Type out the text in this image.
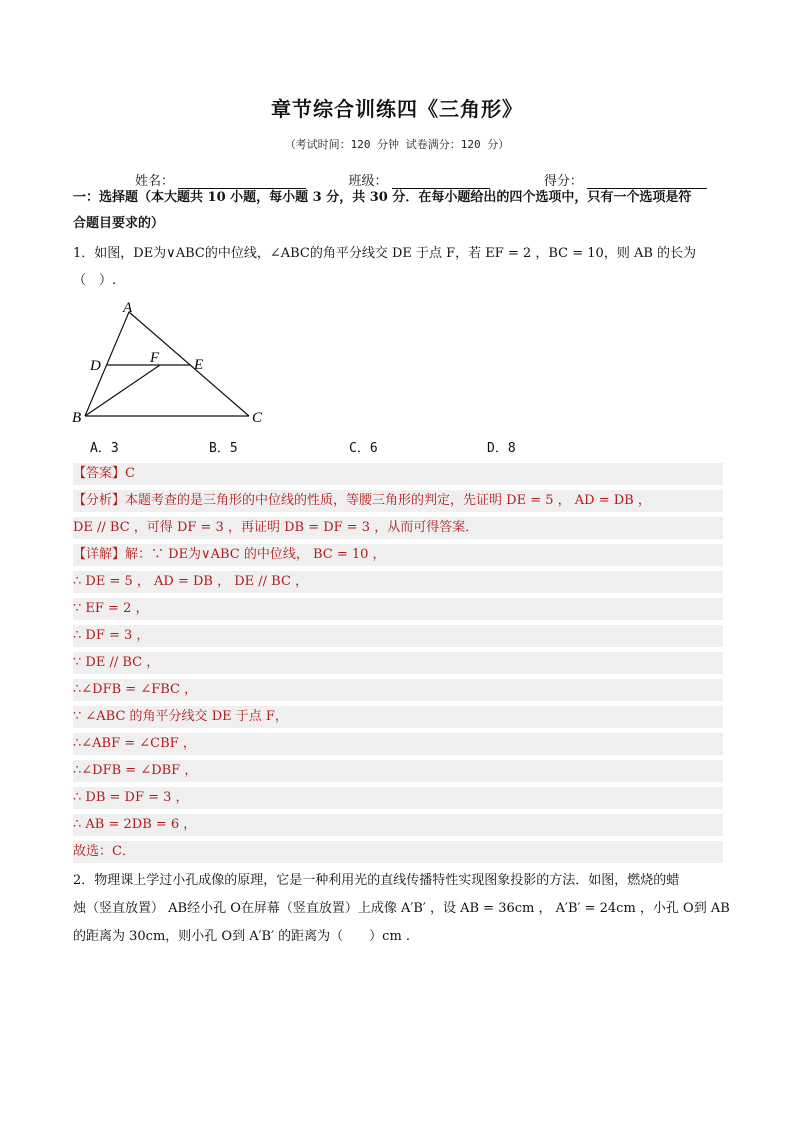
章节综合训练四《三角形》
（考试时间：120 分钟 试卷满分：120 分）
姓名：	班级：	得分：
一：选择题（本大题共 10 小题，每小题 3 分，共 30 分．在每小题给出的四个选项中，只有一个选项是符
合题目要求的）
1．如图，DE为∨ABC的中位线，∠ABC的角平分线交 DE 于点 F，若 EF = 2 ，BC = 10，则 AB 的长为
（　）.
A
D	F E
B	C
A．3	B．5	C．6	D．8
【答案】C
【分析】本题考查的是三角形的中位线的性质，等腰三角形的判定，先证明 DE = 5 ， AD = DB ，
DE // BC ，可得 DF = 3 ，再证明 DB = DF = 3 ，从而可得答案．
【详解】解：∵ DE为∨ABC 的中位线， BC = 10 ，
∴ DE = 5 ， AD = DB ， DE // BC ，
∵ EF = 2 ，
∴ DF = 3 ，
∵ DE // BC ，
∴∠DFB = ∠FBC ，
∵ ∠ABC 的角平分线交 DE 于点 F，
∴∠ABF = ∠CBF ，
∴∠DFB = ∠DBF ，
∴ DB = DF = 3 ，
∴ AB = 2DB = 6 ，
故选：C．
2．物理课上学过小孔成像的原理，它是一种利用光的直线传播特性实现图象投影的方法．如图，燃烧的蜡
烛（竖直放置） AB经小孔 O在屏幕（竖直放置）上成像 A′B′ ，设 AB = 36cm ， A′B′ = 24cm ，小孔 O到 AB
的距离为 30cm，则小孔 O到 A′B′ 的距离为（　　）cm .
